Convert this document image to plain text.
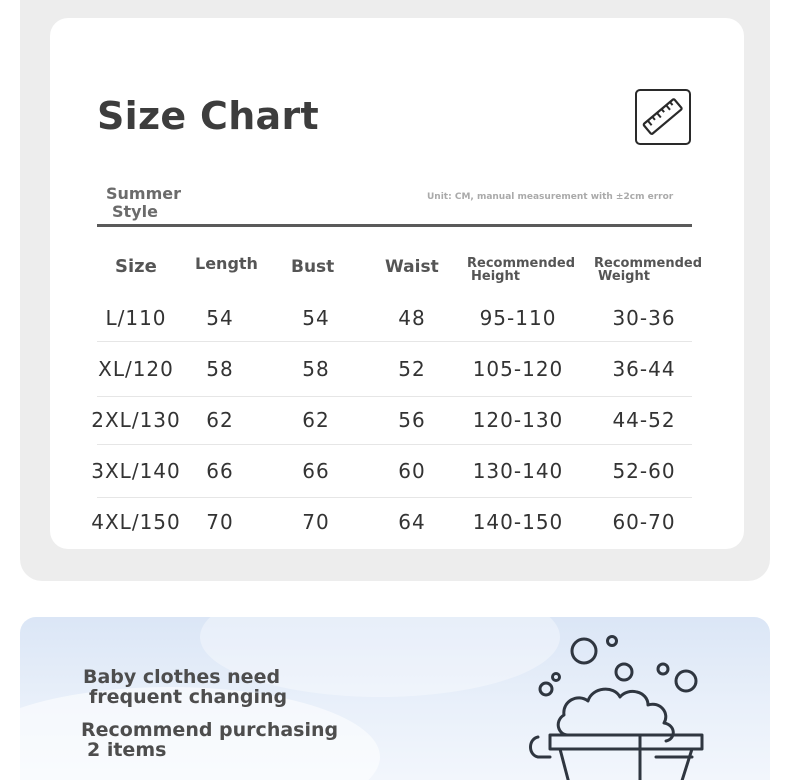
Size Chart
Summer
Style
Unit: CM, manual measurement with ±2cm error
Size Length Bust	Waist Recommended
Height
Recommended
Weight
L/110 54	54	48	95-110	30-36
XL/120 58	58	52 105-120 36-44
2XL/130 62	62	56 120-130 44-52
3XL/140 66	66	60 130-140 52-60
4XL/150 70	70	64 140-150 60-70
Baby clothes need
frequent changing
Recommend purchasing
2 items
